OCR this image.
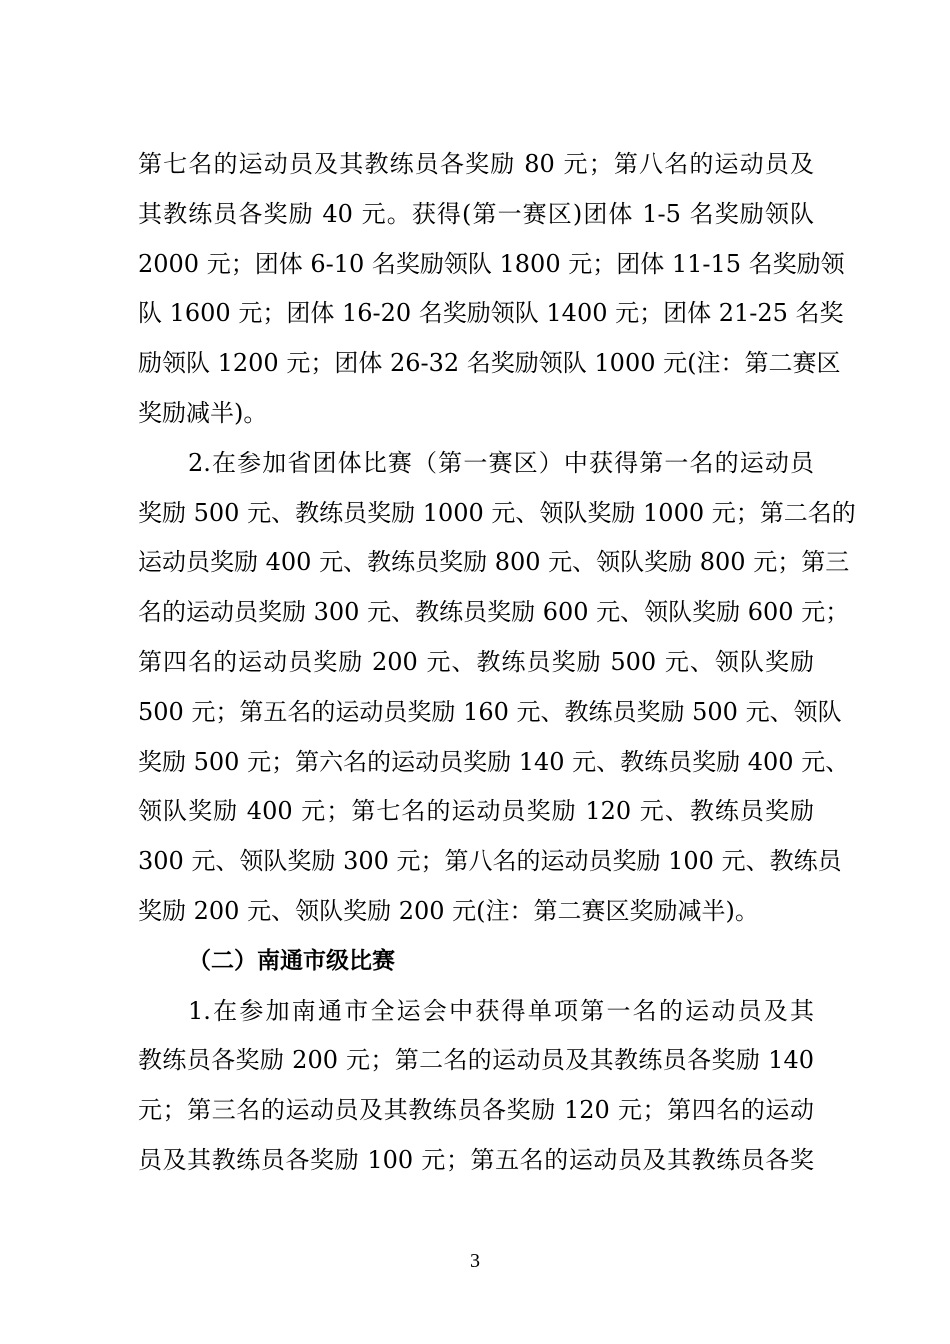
第七名的运动员及其教练员各奖励 80 元；第八名的运动员及
其教练员各奖励 40 元。获得(第一赛区)团体 1-5 名奖励领队
2000 元；团体 6-10 名奖励领队 1800 元；团体 11-15 名奖励领
队 1600 元；团体 16-20 名奖励领队 1400 元；团体 21-25 名奖
励领队 1200 元；团体 26-32 名奖励领队 1000 元(注：第二赛区
奖励减半)。
2.在参加省团体比赛（第一赛区）中获得第一名的运动员
奖励 500 元、教练员奖励 1000 元、领队奖励 1000 元；第二名的
运动员奖励 400 元、教练员奖励 800 元、领队奖励 800 元；第三
名的运动员奖励 300 元、教练员奖励 600 元、领队奖励 600 元；
第四名的运动员奖励 200 元、教练员奖励 500 元、领队奖励
500 元；第五名的运动员奖励 160 元、教练员奖励 500 元、领队
奖励 500 元；第六名的运动员奖励 140 元、教练员奖励 400 元、
领队奖励 400 元；第七名的运动员奖励 120 元、教练员奖励
300 元、领队奖励 300 元；第八名的运动员奖励 100 元、教练员
奖励 200 元、领队奖励 200 元(注：第二赛区奖励减半)。
（二）南通市级比赛
1.在参加南通市全运会中获得单项第一名的运动员及其
教练员各奖励 200 元；第二名的运动员及其教练员各奖励 140
元；第三名的运动员及其教练员各奖励 120 元；第四名的运动
员及其教练员各奖励 100 元；第五名的运动员及其教练员各奖
3
